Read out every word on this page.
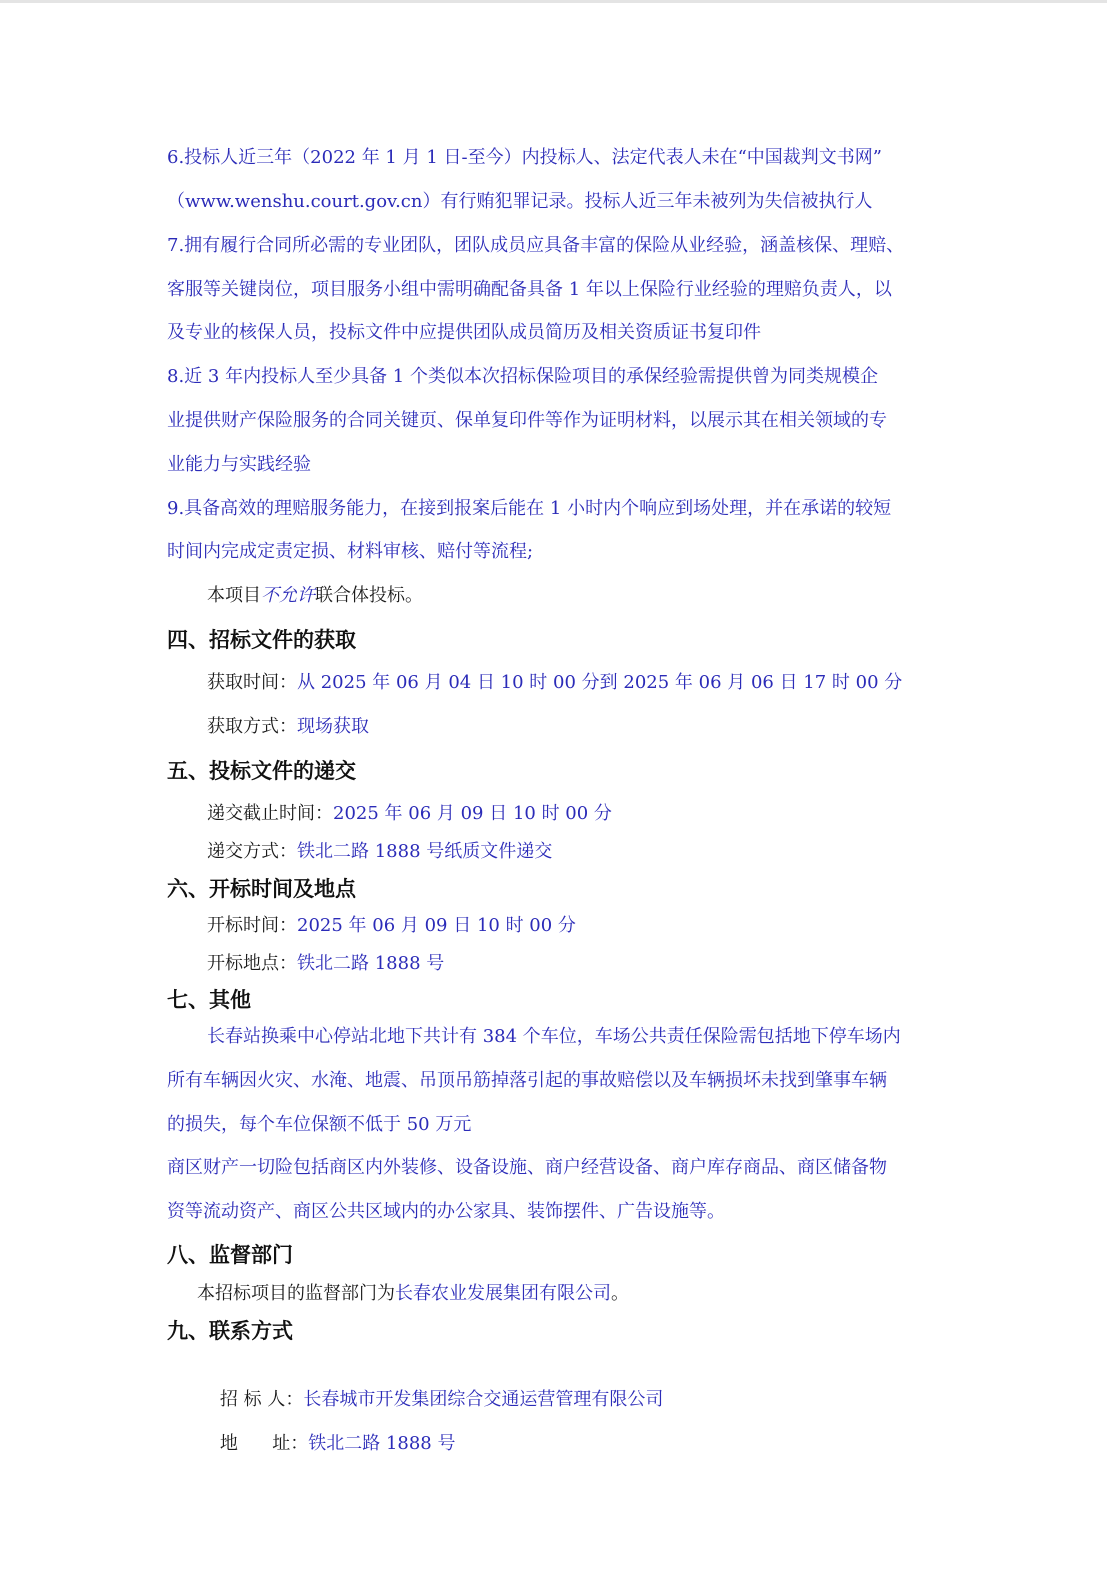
6.投标人近三年（2022 年 1 月 1 日-至今）内投标人、法定代表人未在“中国裁判文书网”
（www.wenshu.court.gov.cn）有行贿犯罪记录。投标人近三年未被列为失信被执行人
7.拥有履行合同所必需的专业团队，团队成员应具备丰富的保险从业经验，涵盖核保、理赔、
客服等关键岗位，项目服务小组中需明确配备具备 1 年以上保险行业经验的理赔负责人，以
及专业的核保人员，投标文件中应提供团队成员简历及相关资质证书复印件
8.近 3 年内投标人至少具备 1 个类似本次招标保险项目的承保经验需提供曾为同类规模企
业提供财产保险服务的合同关键页、保单复印件等作为证明材料，以展示其在相关领域的专
业能力与实践经验
9.具备高效的理赔服务能力，在接到报案后能在 1 小时内个响应到场处理，并在承诺的较短
时间内完成定责定损、材料审核、赔付等流程;
本项目不允许联合体投标。
四、招标文件的获取
获取时间：从 2025 年 06 月 04 日 10 时 00 分到 2025 年 06 月 06 日 17 时 00 分
获取方式：现场获取
五、投标文件的递交
递交截止时间：2025 年 06 月 09 日 10 时 00 分
递交方式：铁北二路 1888 号纸质文件递交
六、开标时间及地点
开标时间：2025 年 06 月 09 日 10 时 00 分
开标地点：铁北二路 1888 号
七、其他
长春站换乘中心停站北地下共计有 384 个车位，车场公共责任保险需包括地下停车场内
所有车辆因火灾、水淹、地震、吊顶吊筋掉落引起的事故赔偿以及车辆损坏未找到肇事车辆
的损失，每个车位保额不低于 50 万元
商区财产一切险包括商区内外装修、设备设施、商户经营设备、商户库存商品、商区储备物
资等流动资产、商区公共区域内的办公家具、装饰摆件、广告设施等。
八、监督部门
本招标项目的监督部门为长春农业发展集团有限公司。
九、联系方式

招 标 人：长春城市开发集团综合交通运营管理有限公司

地      址：铁北二路 1888 号
